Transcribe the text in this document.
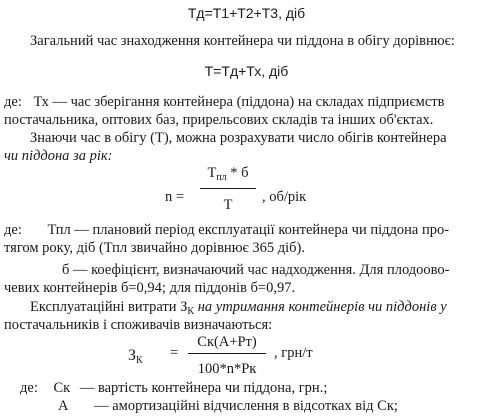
Тд=Т1+Т2+Т3, діб
Загальний час знаходження контейнера чи піддона в обігу дорівнює:
Т=Тд+Тх, діб
де: Тх — час зберігання контейнера (піддона) на складах підприємств
постачальника, оптових баз, прирельсових складів та інших об'єктах.
Знаючи час в обігу (Т), можна розрахувати число обігів контейнера
чи піддона за рік:
n =
$Т_{пл}$ * б
Т	, об/рік
де: Тпл — плановий період експлуатації контейнера чи піддона про-
тягом року, діб (Тпл звичайно дорівнює 365 діб).
б — коефіцієнт, визначаючий час надходження. Для плодоово-
чевих контейнерів б=0,94; для піддонів б=0,97.
Експлуатаційні витрати $З_К$ на утримання контейнерів чи піддонів у
постачальників і споживачів визначаються:
$З_К$ =
Ск(А+Рт)
100*n*Рк
, грн/т
де: Ск — вартість контейнера чи піддона, грн.;
А — амортизаційні відчислення в відсотках від Ск;
